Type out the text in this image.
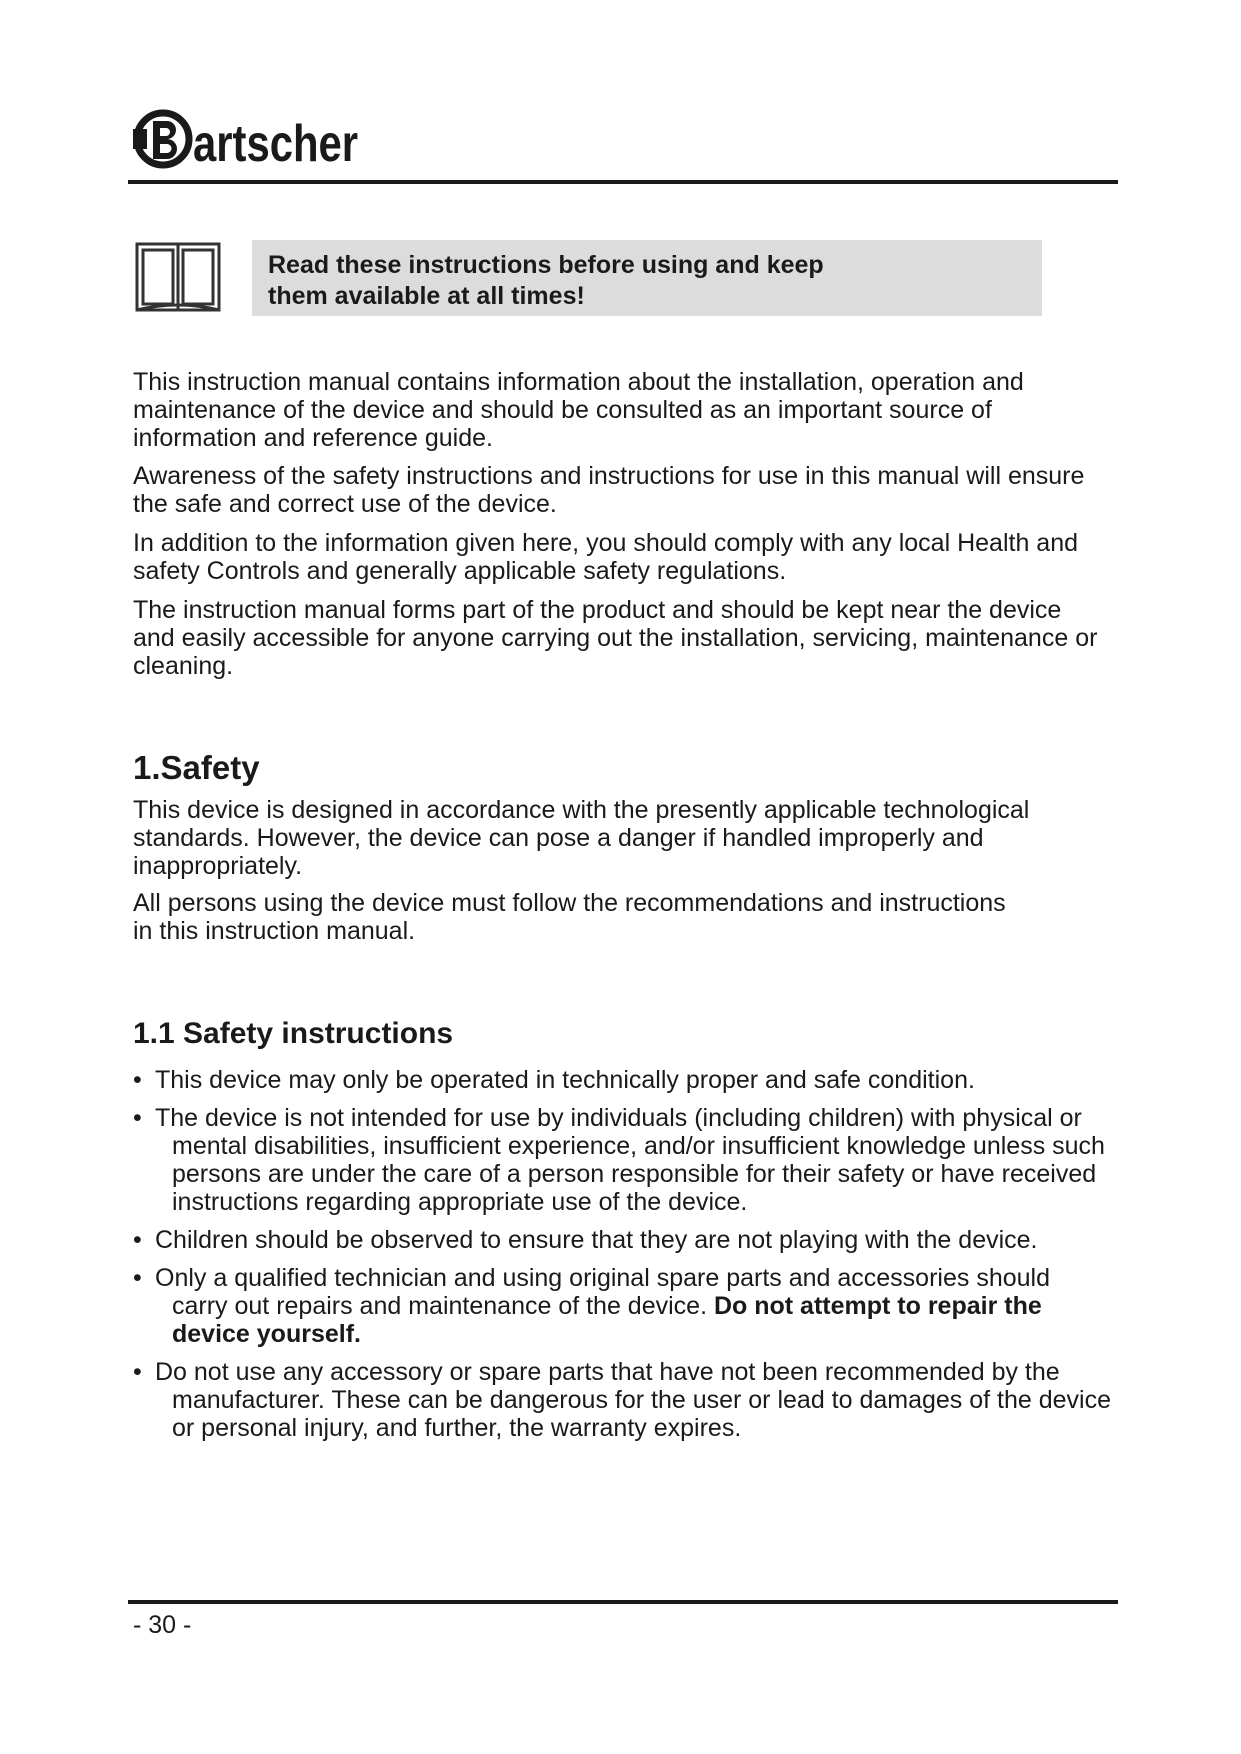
artscher
Read these instructions before using and keep
them available at all times!
This instruction manual contains information about the installation, operation and
maintenance of the device and should be consulted as an important source of
information and reference guide.
Awareness of the safety instructions and instructions for use in this manual will ensure
the safe and correct use of the device.
In addition to the information given here, you should comply with any local Health and
safety Controls and generally applicable safety regulations.
The instruction manual forms part of the product and should be kept near the device
and easily accessible for anyone carrying out the installation, servicing, maintenance or
cleaning.
1.Safety
This device is designed in accordance with the presently applicable technological
standards. However, the device can pose a danger if handled improperly and
inappropriately.
All persons using the device must follow the recommendations and instructions
in this instruction manual.
1.1 Safety instructions
• This device may only be operated in technically proper and safe condition.
• The device is not intended for use by individuals (including children) with physical or
mental disabilities, insufficient experience, and/or insufficient knowledge unless such
persons are under the care of a person responsible for their safety or have received
instructions regarding appropriate use of the device.
• Children should be observed to ensure that they are not playing with the device.
• Only a qualified technician and using original spare parts and accessories should
carry out repairs and maintenance of the device. Do not attempt to repair the
device yourself.
• Do not use any accessory or spare parts that have not been recommended by the
manufacturer. These can be dangerous for the user or lead to damages of the device
or personal injury, and further, the warranty expires.
- 30 -
